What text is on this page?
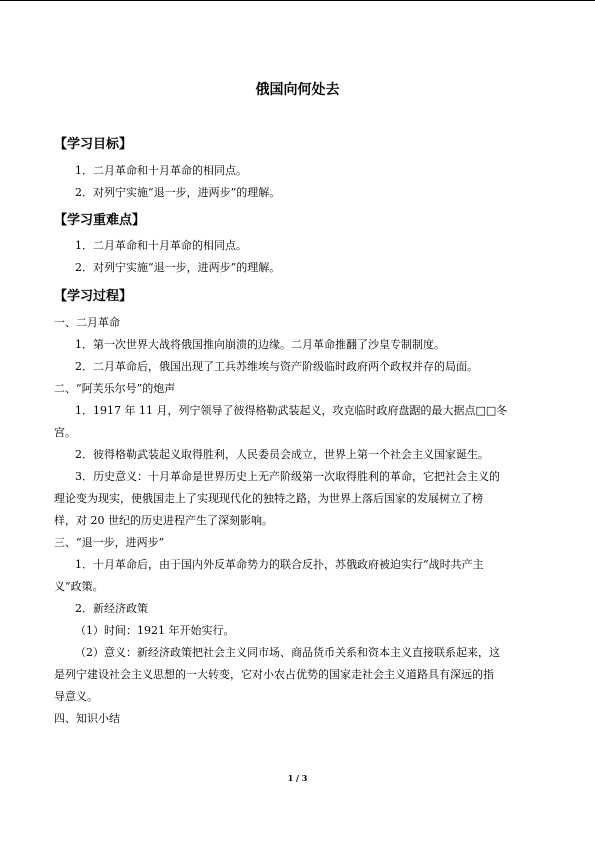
俄国向何处去
【学习目标】
1．二月革命和十月革命的相同点。
2．对列宁实施“退一步，进两步”的理解。
【学习重难点】
1．二月革命和十月革命的相同点。
2．对列宁实施“退一步，进两步”的理解。
【学习过程】
一、二月革命
1．第一次世界大战将俄国推向崩溃的边缘。二月革命推翻了沙皇专制制度。
2．二月革命后，俄国出现了工兵苏维埃与资产阶级临时政府两个政权并存的局面。
二、“阿芙乐尔号”的炮声
1．1917 年 11 月，列宁领导了彼得格勒武装起义，攻克临时政府盘踞的最大据点□□冬
宫。
2．彼得格勒武装起义取得胜利，人民委员会成立，世界上第一个社会主义国家诞生。
3．历史意义：十月革命是世界历史上无产阶级第一次取得胜利的革命，它把社会主义的
理论变为现实，使俄国走上了实现现代化的独特之路，为世界上落后国家的发展树立了榜
样，对 20 世纪的历史进程产生了深刻影响。
三、“退一步，进两步”
1．十月革命后，由于国内外反革命势力的联合反扑，苏俄政府被迫实行“战时共产主
义”政策。
2．新经济政策
（1）时间：1921 年开始实行。
（2）意义：新经济政策把社会主义同市场、商品货币关系和资本主义直接联系起来，这
是列宁建设社会主义思想的一大转变，它对小农占优势的国家走社会主义道路具有深远的指
导意义。
四、知识小结
1 / 3
